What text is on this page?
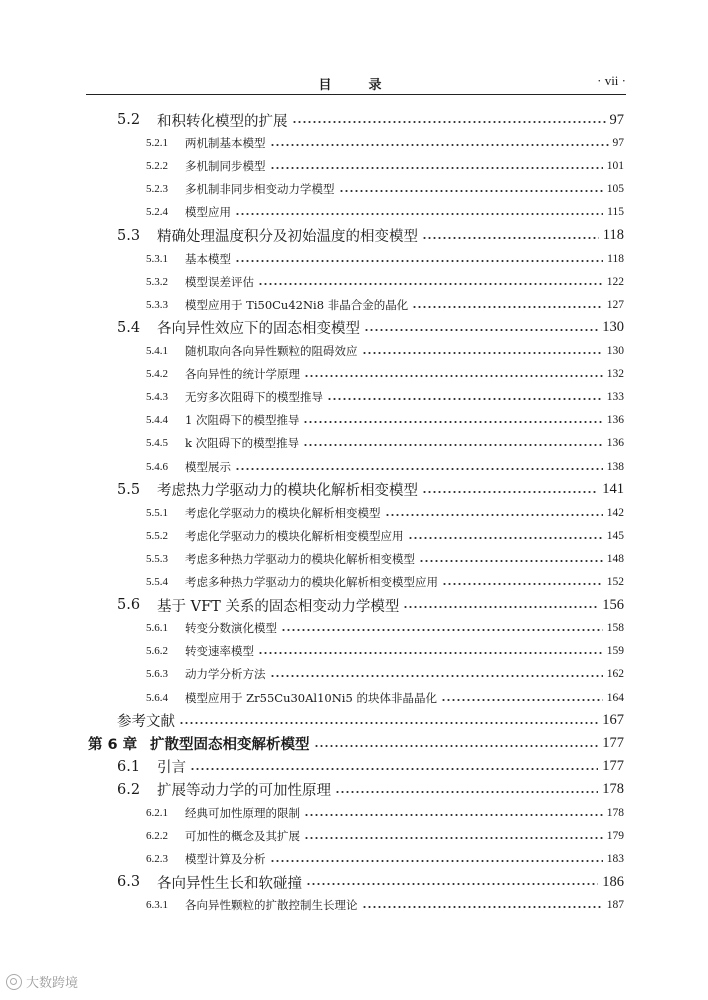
目　录	· vii ·
5.2	和积转化模型的扩展	97
5.2.1	两机制基本模型	97
5.2.2	多机制同步模型	101
5.2.3	多机制非同步相变动力学模型	105
5.2.4	模型应用	115
5.3	精确处理温度积分及初始温度的相变模型	118
5.3.1	基本模型	118
5.3.2	模型误差评估	122
5.3.3	模型应用于 Ti50Cu42Ni8 非晶合金的晶化	127
5.4	各向异性效应下的固态相变模型	130
5.4.1	随机取向各向异性颗粒的阻碍效应	130
5.4.2	各向异性的统计学原理	132
5.4.3	无穷多次阻碍下的模型推导	133
5.4.4	1 次阻碍下的模型推导	136
5.4.5	k 次阻碍下的模型推导	136
5.4.6	模型展示	138
5.5	考虑热力学驱动力的模块化解析相变模型	141
5.5.1	考虑化学驱动力的模块化解析相变模型	142
5.5.2	考虑化学驱动力的模块化解析相变模型应用	145
5.5.3	考虑多种热力学驱动力的模块化解析相变模型	148
5.5.4	考虑多种热力学驱动力的模块化解析相变模型应用	152
5.6	基于 VFT 关系的固态相变动力学模型	156
5.6.1	转变分数演化模型	158
5.6.2	转变速率模型	159
5.6.3	动力学分析方法	162
5.6.4	模型应用于 Zr55Cu30Al10Ni5 的块体非晶晶化	164
参考文献	167
第 6 章 扩散型固态相变解析模型	177
6.1	引言	177
6.2	扩展等动力学的可加性原理	178
6.2.1	经典可加性原理的限制	178
6.2.2	可加性的概念及其扩展	179
6.2.3	模型计算及分析	183
6.3	各向异性生长和软碰撞	186
6.3.1	各向异性颗粒的扩散控制生长理论	187
大数跨境
